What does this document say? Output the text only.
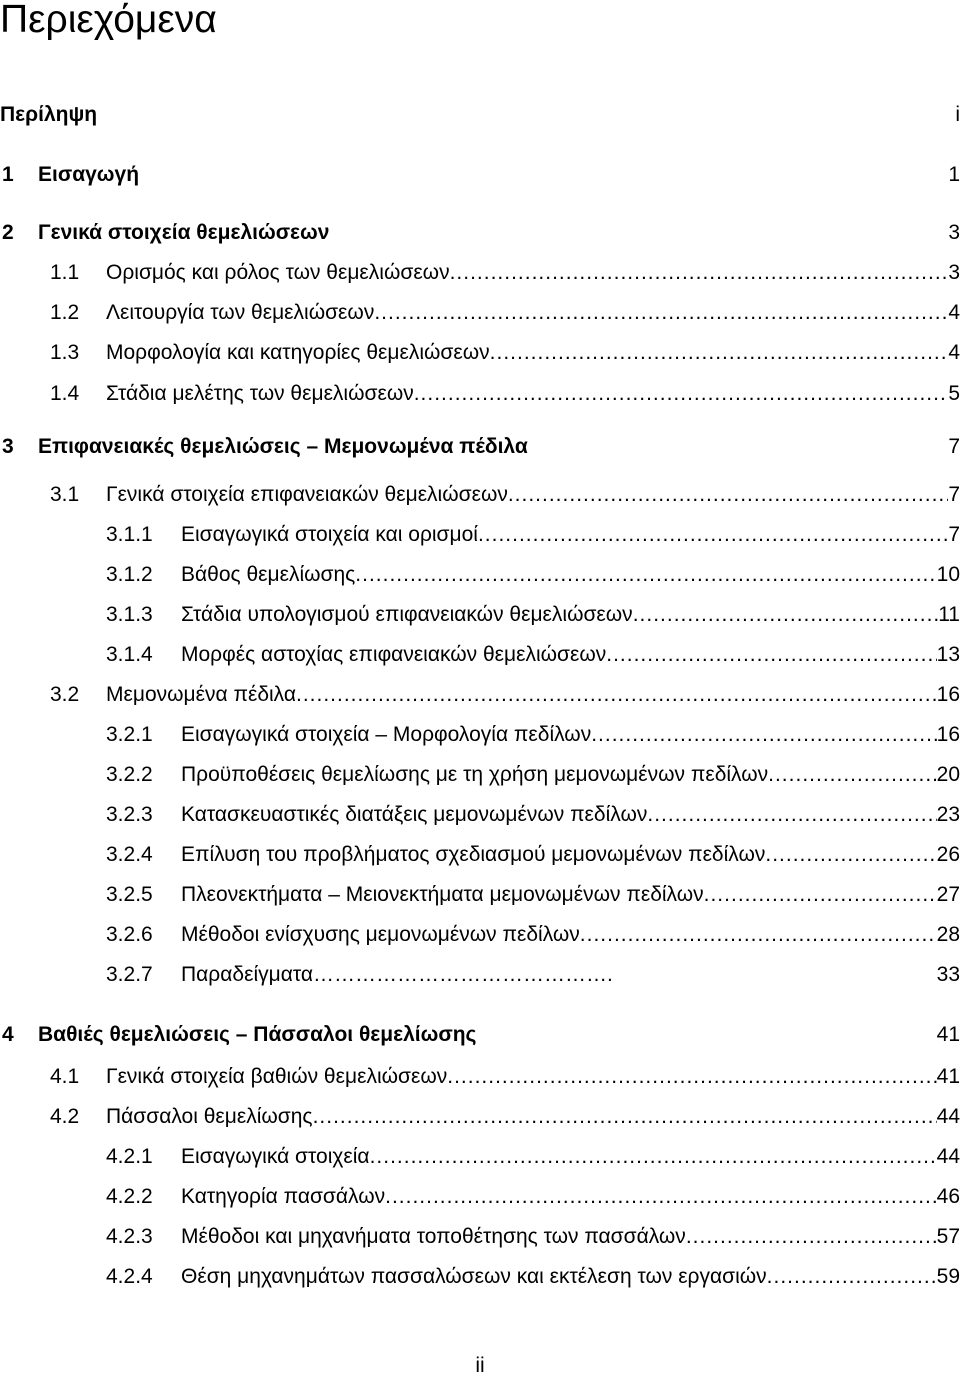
Περιεχόμενα
Περίληψη	i
1 Εισαγωγή	1
2 Γενικά στοιχεία θεμελιώσεων	3
1.1 Ορισμός και ρόλος των θεμελιώσεων .....	3
1.2 Λειτουργία των θεμελιώσεων .....	4
1.3 Μορφολογία και κατηγορίες θεμελιώσεων .....	4
1.4 Στάδια μελέτης των θεμελιώσεων .....	5
3 Επιφανειακές θεμελιώσεις – Μεμονωμένα πέδιλα	7
3.1 Γενικά στοιχεία επιφανειακών θεμελιώσεων .....	7
3.1.1 Εισαγωγικά στοιχεία και ορισμοί .....	7
3.1.2 Βάθος θεμελίωσης .....	10
3.1.3 Στάδια υπολογισμού επιφανειακών θεμελιώσεων .....	11
3.1.4 Μορφές αστοχίας επιφανειακών θεμελιώσεων .....	13
3.2 Μεμονωμένα πέδιλα .....	16
3.2.1 Εισαγωγικά στοιχεία – Μορφολογία πεδίλων .....	16
3.2.2 Προϋποθέσεις θεμελίωσης με τη χρήση μεμονωμένων πεδίλων .....	20
3.2.3 Κατασκευαστικές διατάξεις μεμονωμένων πεδίλων .....	23
3.2.4 Επίλυση του προβλήματος σχεδιασμού μεμονωμένων πεδίλων .....	26
3.2.5 Πλεονεκτήματα – Μειονεκτήματα μεμονωμένων πεδίλων .....	27
3.2.6 Μέθοδοι ενίσχυσης μεμονωμένων πεδίλων .....	28
3.2.7 Παραδείγματα …………………………………….	33
4 Βαθιές θεμελιώσεις – Πάσσαλοι θεμελίωσης	41
4.1 Γενικά στοιχεία βαθιών θεμελιώσεων .....	41
4.2 Πάσσαλοι θεμελίωσης .....	44
4.2.1 Εισαγωγικά στοιχεία .....	44
4.2.2 Κατηγορία πασσάλων .....	46
4.2.3 Μέθοδοι και μηχανήματα τοποθέτησης των πασσάλων .....	57
4.2.4 Θέση μηχανημάτων πασσαλώσεων και εκτέλεση των εργασιών .....	59
ii
